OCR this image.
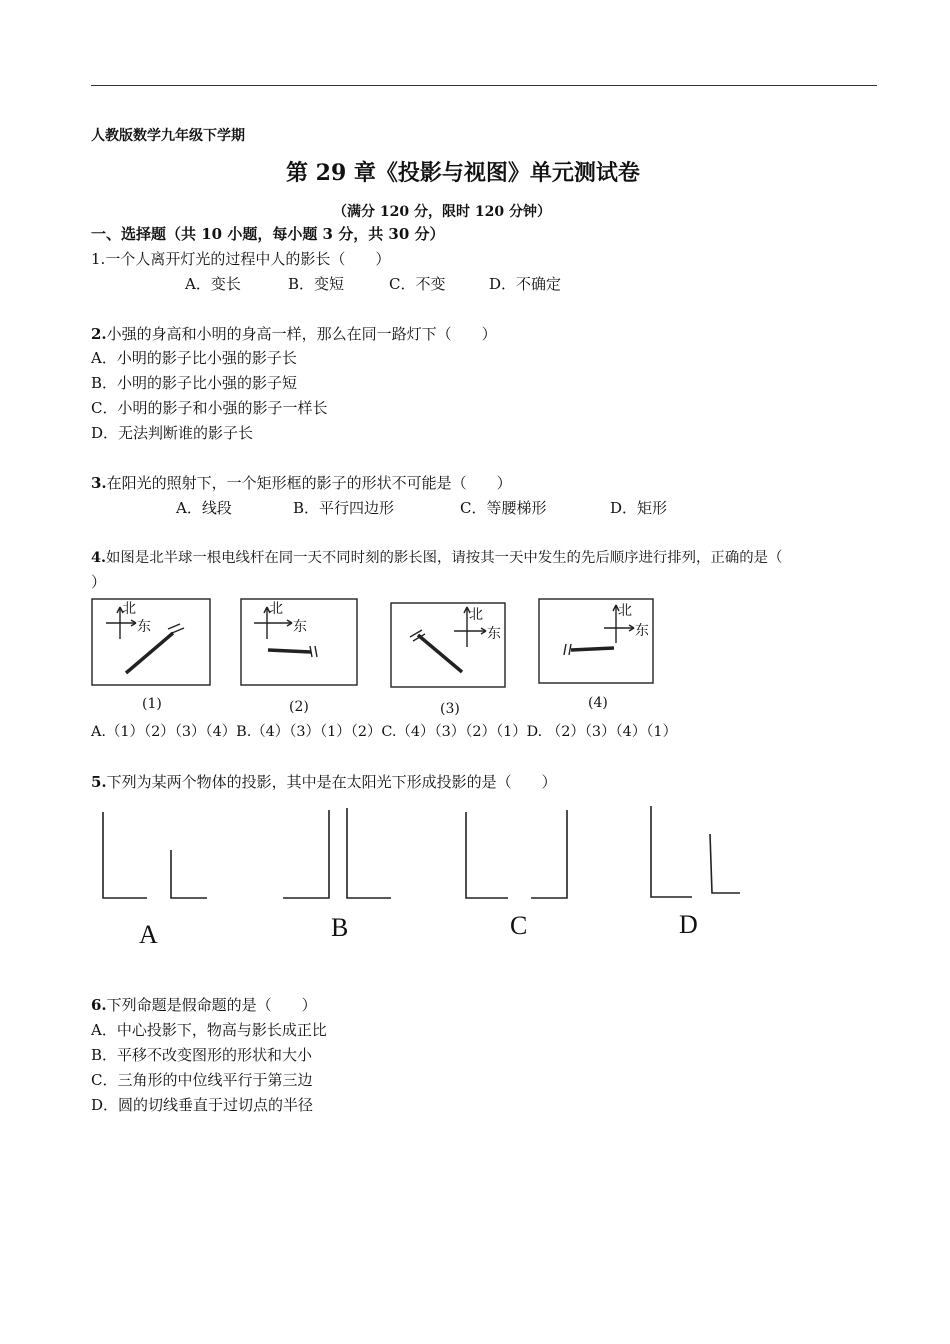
人教版数学九年级下学期
第 29 章《投影与视图》单元测试卷
（满分 120 分，限时 120 分钟）
一、选择题（共 10 小题，每小题 3 分，共 30 分）
1.一个人离开灯光的过程中人的影长（　　）
A．变长	B．变短	C．不变	D．不确定
2.小强的身高和小明的身高一样，那么在同一路灯下（　　）
A．小明的影子比小强的影子长
B．小明的影子比小强的影子短
C．小明的影子和小强的影子一样长
D．无法判断谁的影子长
3.在阳光的照射下，一个矩形框的影子的形状不可能是（　　）
A．线段	B．平行四边形	C．等腰梯形	D．矩形
4.如图是北半球一根电线杆在同一天不同时刻的影长图，请按其一天中发生的先后顺序进行排列，正确的是（
）
北
东
北
东
北
东
北
东
(1)	(2)	(3)	(4)
A.（1）（2）（3）（4）B.（4）（3）（1）（2）C.（4）（3）（2）（1）D. （2）（3）（4）（1）
5.下列为某两个物体的投影，其中是在太阳光下形成投影的是（　　）
A	B	C	D
6.下列命题是假命题的是（　　）
A．中心投影下，物高与影长成正比
B．平移不改变图形的形状和大小
C．三角形的中位线平行于第三边
D．圆的切线垂直于过切点的半径
